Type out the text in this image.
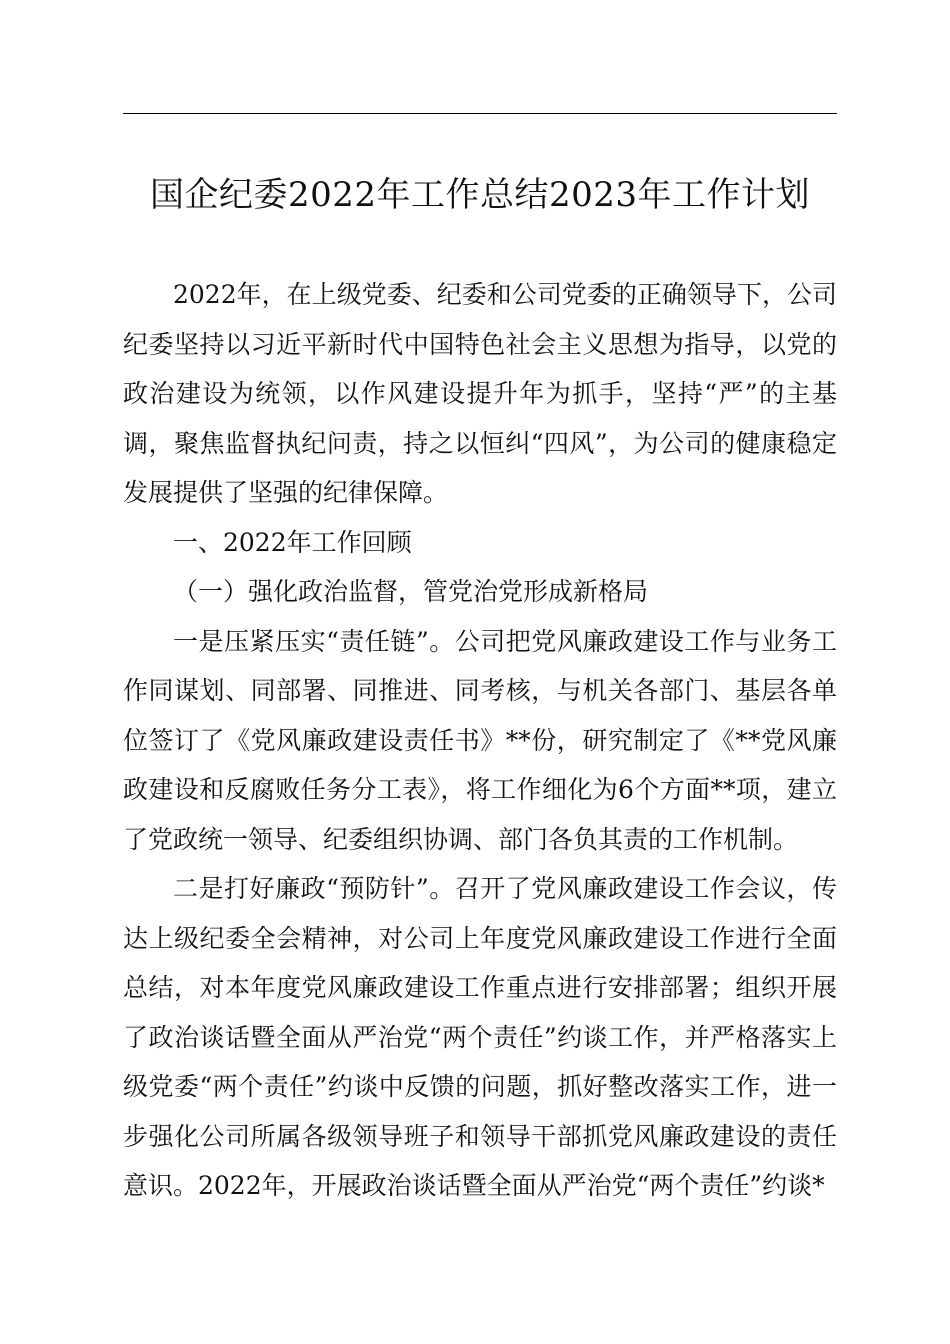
国企纪委2022年工作总结2023年工作计划

2022年，在上级党委、纪委和公司党委的正确领导下，公司纪委坚持以习近平新时代中国特色社会主义思想为指导，以党的政治建设为统领，以作风建设提升年为抓手，坚持“严”的主基调，聚焦监督执纪问责，持之以恒纠“四风”，为公司的健康稳定发展提供了坚强的纪律保障。

一、2022年工作回顾

（一）强化政治监督，管党治党形成新格局

一是压紧压实“责任链”。公司把党风廉政建设工作与业务工作同谋划、同部署、同推进、同考核，与机关各部门、基层各单位签订了《党风廉政建设责任书》**份，研究制定了《**党风廉政建设和反腐败任务分工表》，将工作细化为6个方面**项，建立了党政统一领导、纪委组织协调、部门各负其责的工作机制。

二是打好廉政“预防针”。召开了党风廉政建设工作会议，传达上级纪委全会精神，对公司上年度党风廉政建设工作进行全面总结，对本年度党风廉政建设工作重点进行安排部署；组织开展了政治谈话暨全面从严治党“两个责任”约谈工作，并严格落实上级党委“两个责任”约谈中反馈的问题，抓好整改落实工作，进一步强化公司所属各级领导班子和领导干部抓党风廉政建设的责任意识。2022年，开展政治谈话暨全面从严治党“两个责任”约谈*
